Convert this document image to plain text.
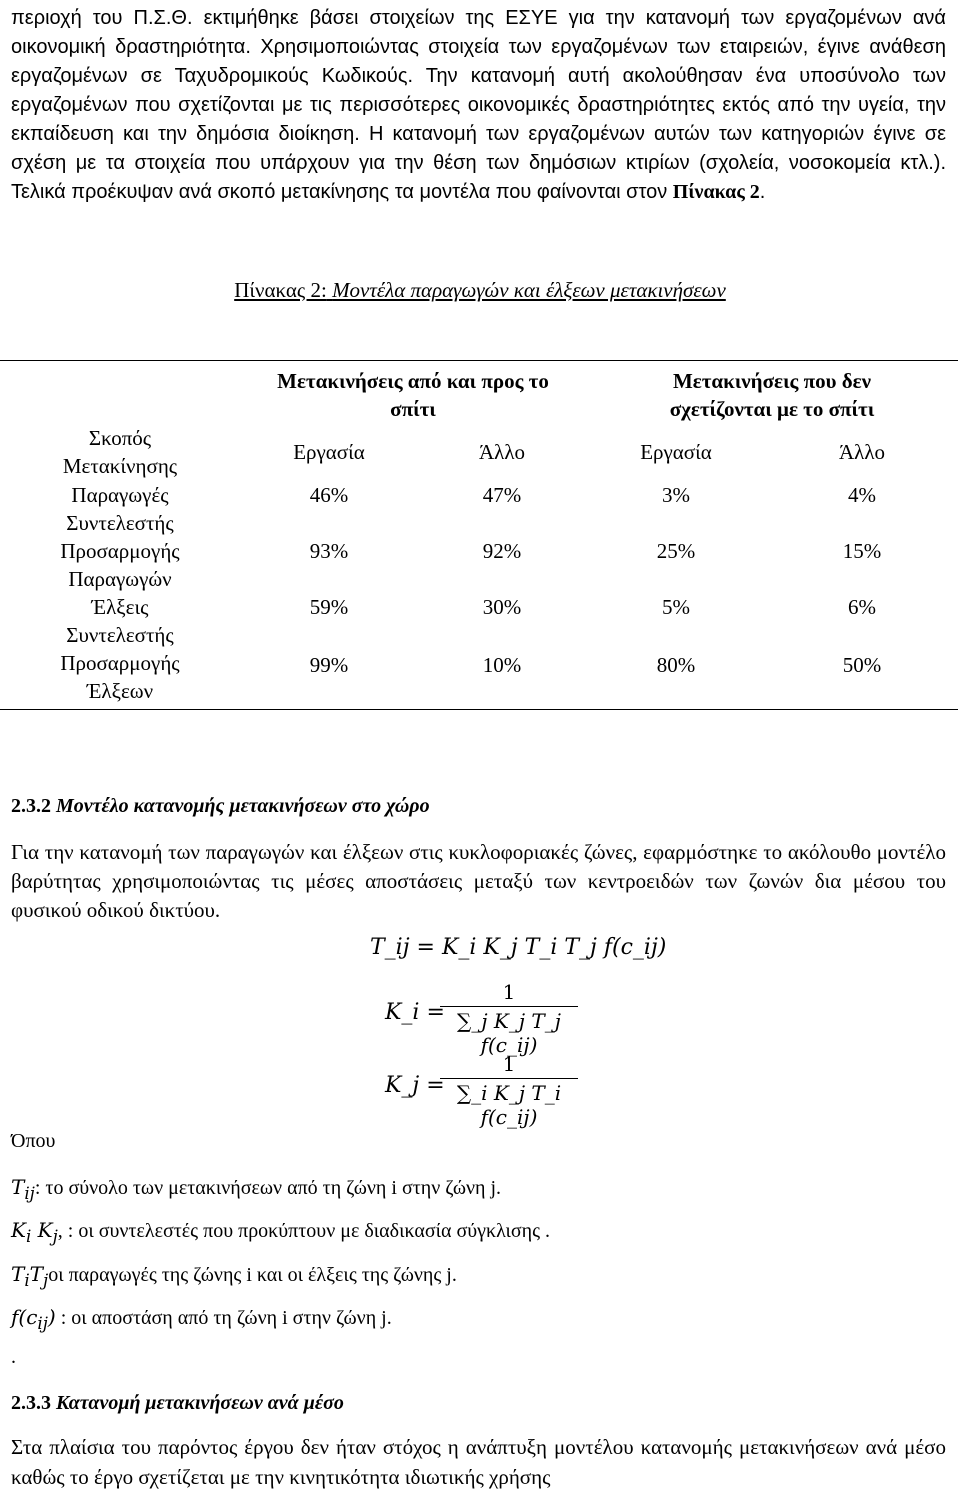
περιοχή του Π.Σ.Θ. εκτιμήθηκε βάσει στοιχείων της ΕΣΥΕ για την κατανομή των εργαζομένων ανά οικονομική δραστηριότητα. Χρησιμοποιώντας στοιχεία των εργαζομένων των εταιρειών, έγινε ανάθεση εργαζομένων σε Ταχυδρομικούς Κωδικούς. Την κατανομή αυτή ακολούθησαν ένα υποσύνολο των εργαζομένων που σχετίζονται με τις περισσότερες οικονομικές δραστηριότητες εκτός από την υγεία, την εκπαίδευση και την δημόσια διοίκηση. Η κατανομή των εργαζομένων αυτών των κατηγοριών έγινε σε σχέση με τα στοιχεία που υπάρχουν για την θέση των δημόσιων κτιρίων (σχολεία, νοσοκομεία κτλ.). Τελικά προέκυψαν ανά σκοπό μετακίνησης τα μοντέλα που φαίνονται στον Πίνακας 2.
Πίνακας 2: Μοντέλα παραγωγών και έλξεων μετακινήσεων

	Μετακινήσεις από και προς το σπίτι		Μετακινήσεις που δεν σχετίζονται με το σπίτι	
Σκοπός Μετακίνησης	Εργασία	Άλλο	Εργασία	Άλλο
Παραγωγές	46%	47%	3%	4%
Συντελεστής Προσαρμογής Παραγωγών	93%	92%	25%	15%
Έλξεις	59%	30%	5%	6%
Συντελεστής Προσαρμογής Έλξεων	99%	10%	80%	50%
2.3.2 Μοντέλο κατανομής μετακινήσεων στο χώρο
Για την κατανομή των παραγωγών και έλξεων στις κυκλοφοριακές ζώνες, εφαρμόστηκε το ακόλουθο μοντέλο βαρύτητας χρησιμοποιώντας τις μέσες αποστάσεις μεταξύ των κεντροειδών των ζωνών δια μέσου του φυσικού οδικού δικτύου.
T_ij = K_i K_j T_i T_j f(c_ij)
K_i =
1
∑_j K_j T_j f(c_ij)
K_j =
1
∑_i K_j T_i f(c_ij)
Όπου
$T_{ij}$: το σύνολο των μετακινήσεων από τη ζώνη i στην ζώνη j.
$K_i$ $K_j$, : οι συντελεστές που προκύπτουν με διαδικασία σύγκλισης .
$T_iT_jo\iota$ παραγωγές της ζώνης i και οι έλξεις της ζώνης j.
$f(c_{ij})$ : οι αποστάση από τη ζώνη i στην ζώνη j.
.
2.3.3 Κατανομή μετακινήσεων ανά μέσο
Στα πλαίσια του παρόντος έργου δεν ήταν στόχος η ανάπτυξη μοντέλου κατανομής μετακινήσεων ανά μέσο καθώς το έργο σχετίζεται με την κινητικότητα ιδιωτικής χρήσης
